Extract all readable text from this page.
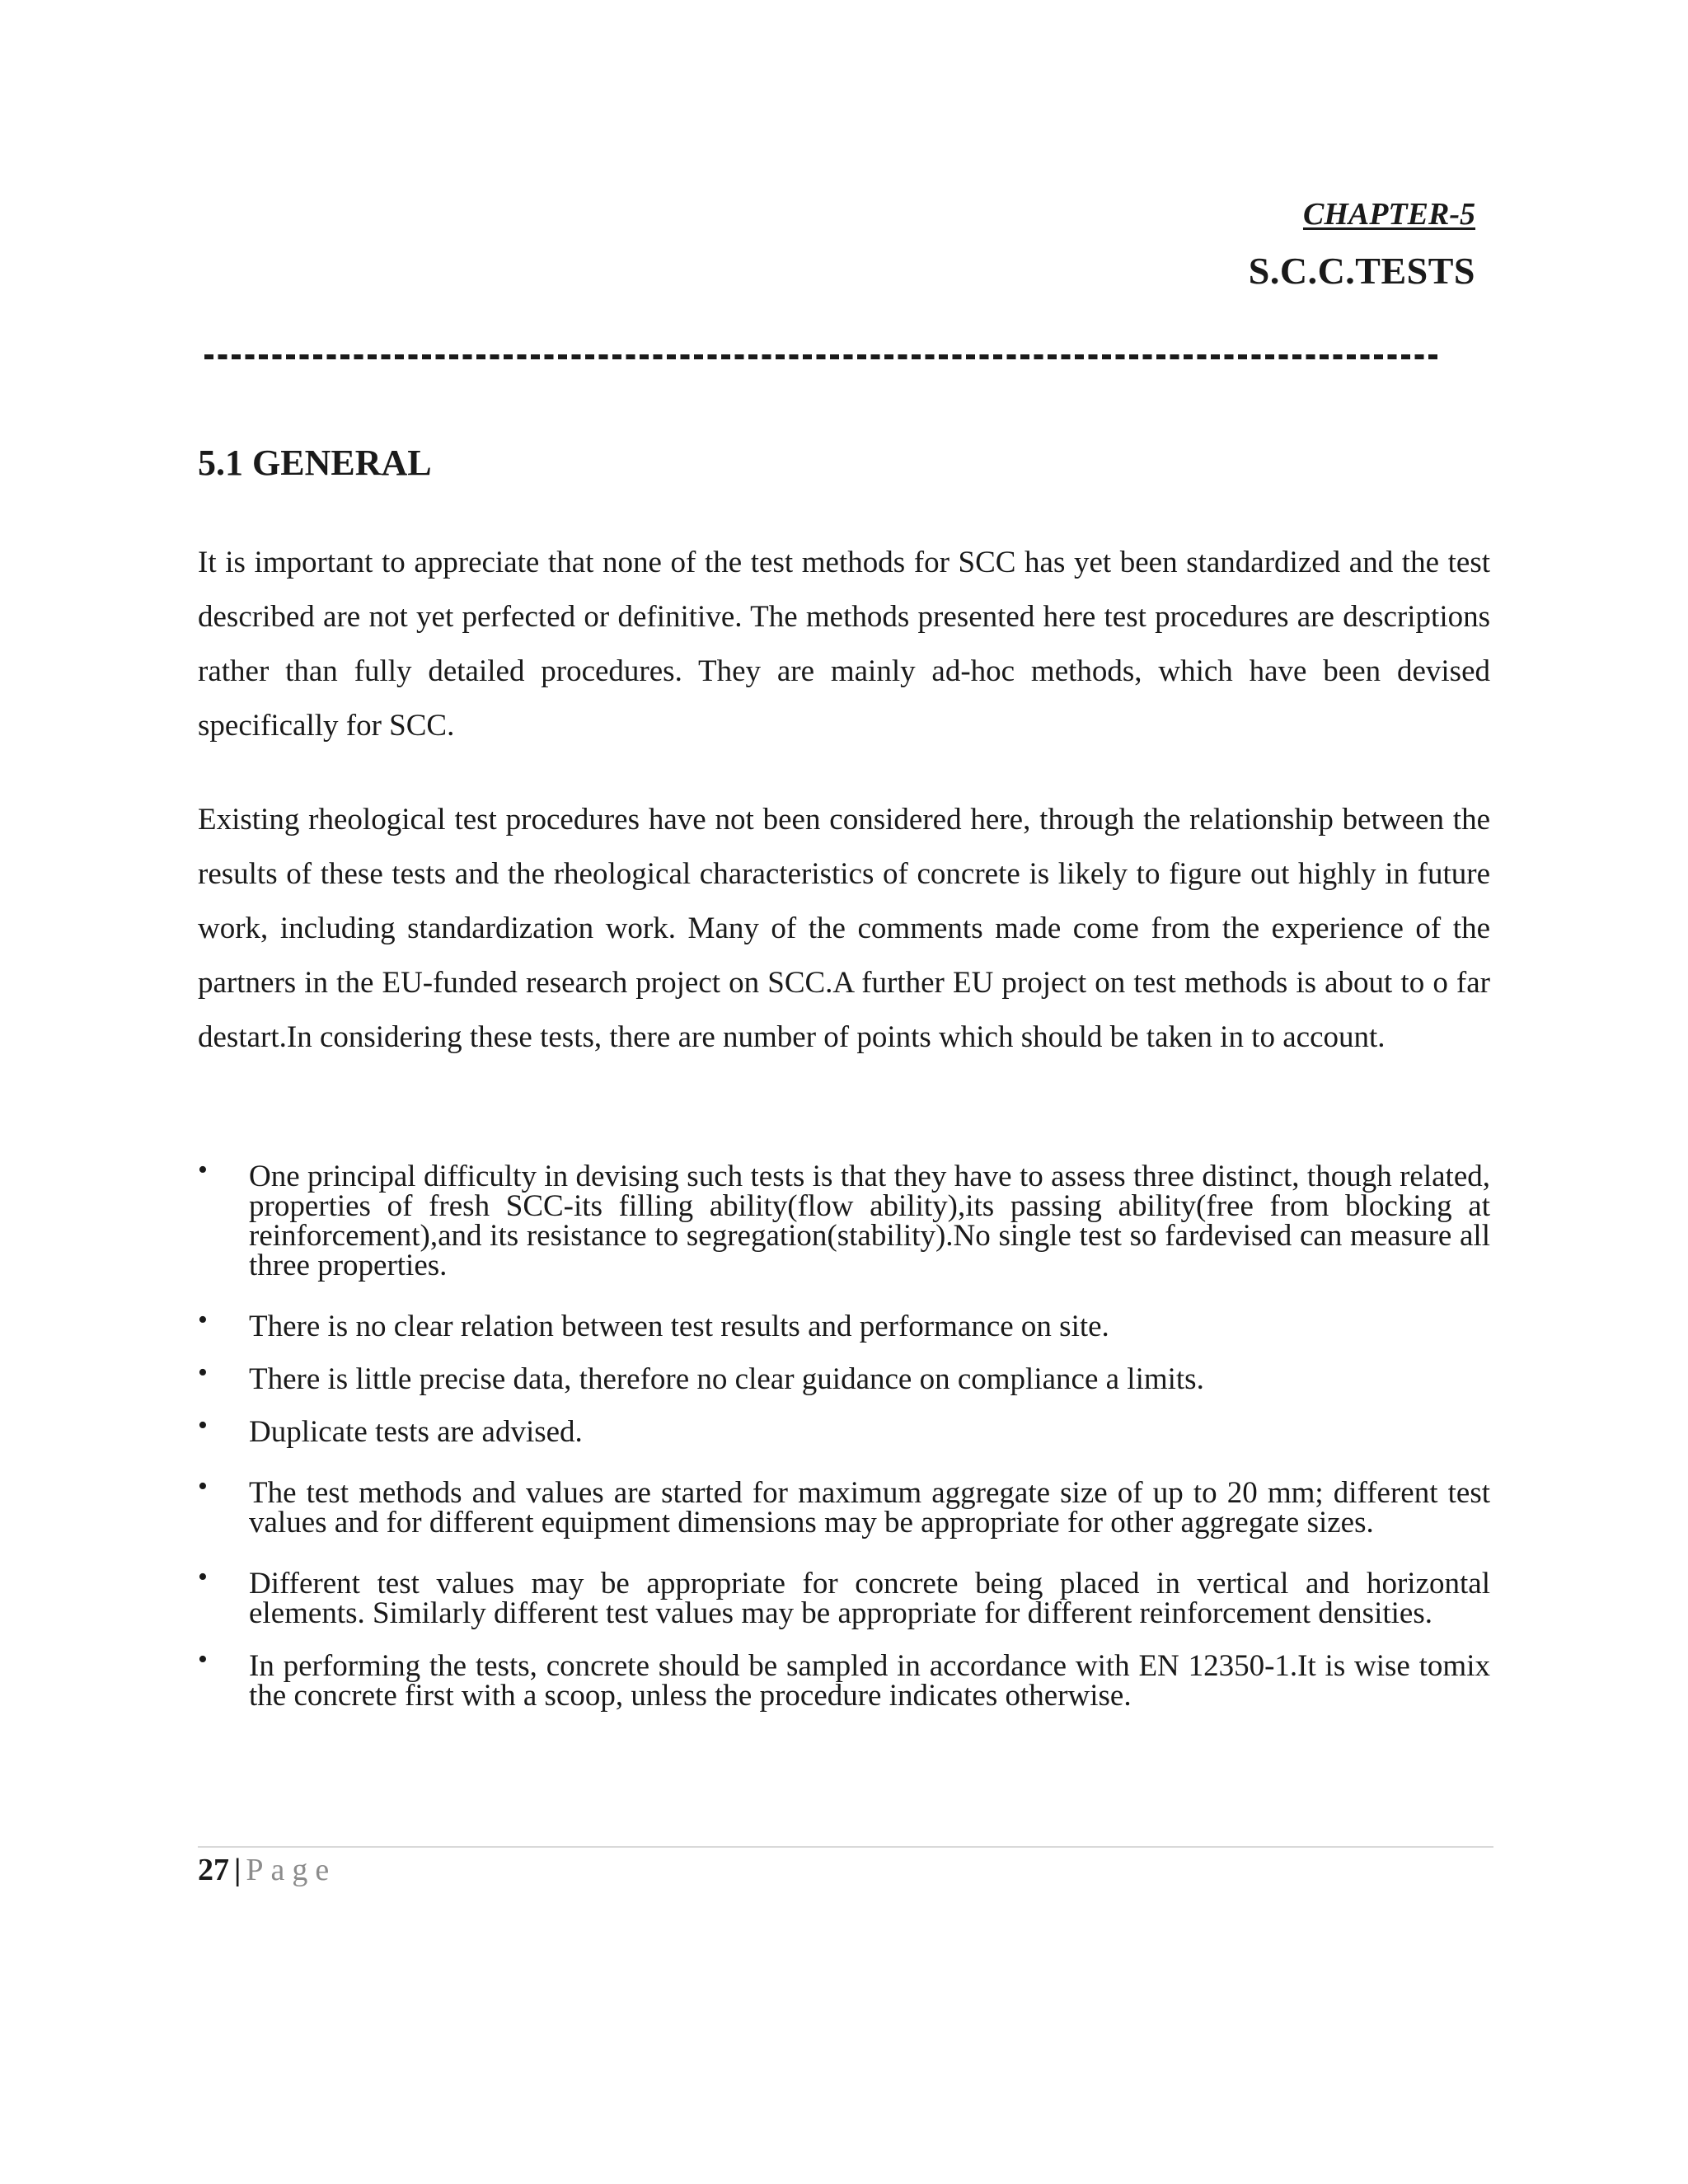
CHAPTER-5
S.C.C.TESTS
5.1 GENERAL

It is important to appreciate that none of the test methods for SCC has yet been standardized and the test described are not yet perfected or definitive. The methods presented here test procedures are descriptions rather than fully detailed procedures. They are mainly ad-hoc methods, which have been devised specifically for SCC.

Existing rheological test procedures have not been considered here, through the relationship between the results of these tests and the rheological characteristics of concrete is likely to figure out highly in future work, including standardization work. Many of the comments made come from the experience of the partners in the EU-funded research project on SCC.A further EU project on test methods is about to o far destart.In considering these tests, there are number of points which should be taken in to account.

• One principal difficulty in devising such tests is that they have to assess three distinct, though related, properties of fresh SCC-its filling ability(flow ability),its passing ability(free from blocking at reinforcement),and its resistance to segregation(stability).No single test so fardevised can measure all three properties.
• There is no clear relation between test results and performance on site.
• There is little precise data, therefore no clear guidance on compliance a limits.
• Duplicate tests are advised.
• The test methods and values are started for maximum aggregate size of up to 20 mm; different test values and for different equipment dimensions may be appropriate for other aggregate sizes.
• Different test values may be appropriate for concrete being placed in vertical and horizontal elements. Similarly different test values may be appropriate for different reinforcement densities.
• In performing the tests, concrete should be sampled in accordance with EN 12350-1.It is wise tomix the concrete first with a scoop, unless the procedure indicates otherwise.
27 | Page
